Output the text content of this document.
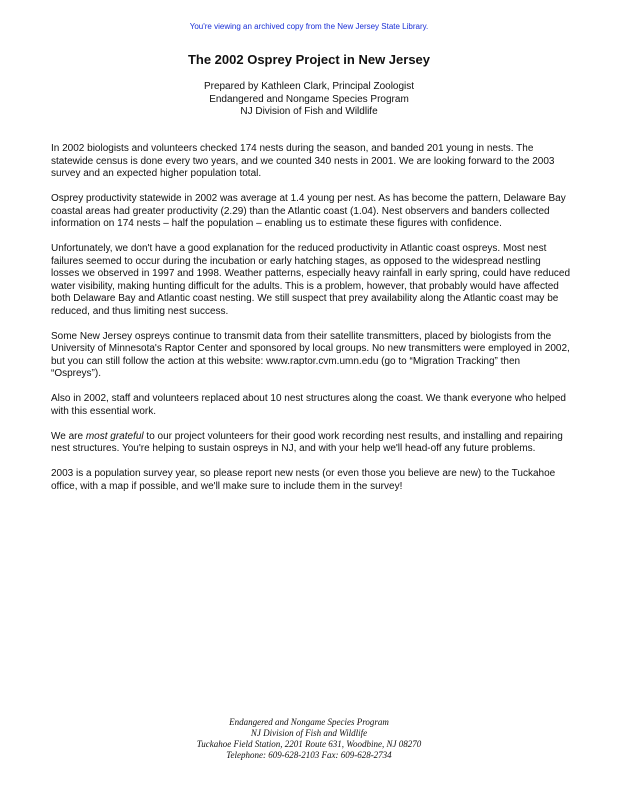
You're viewing an archived copy from the New Jersey State Library.
The 2002 Osprey Project in New Jersey
Prepared by Kathleen Clark, Principal Zoologist
Endangered and Nongame Species Program
NJ Division of Fish and Wildlife

In 2002 biologists and volunteers checked 174 nests during the season, and banded 201 young in nests. The statewide census is done every two years, and we counted 340 nests in 2001. We are looking forward to the 2003 survey and an expected higher population total.

Osprey productivity statewide in 2002 was average at 1.4 young per nest. As has become the pattern, Delaware Bay coastal areas had greater productivity (2.29) than the Atlantic coast (1.04). Nest observers and banders collected information on 174 nests – half the population – enabling us to estimate these figures with confidence.

Unfortunately, we don't have a good explanation for the reduced productivity in Atlantic coast ospreys. Most nest failures seemed to occur during the incubation or early hatching stages, as opposed to the widespread nestling losses we observed in 1997 and 1998. Weather patterns, especially heavy rainfall in early spring, could have reduced water visibility, making hunting difficult for the adults. This is a problem, however, that probably would have affected both Delaware Bay and Atlantic coast nesting. We still suspect that prey availability along the Atlantic coast may be reduced, and thus limiting nest success.

Some New Jersey ospreys continue to transmit data from their satellite transmitters, placed by biologists from the University of Minnesota's Raptor Center and sponsored by local groups. No new transmitters were employed in 2002, but you can still follow the action at this website: www.raptor.cvm.umn.edu (go to “Migration Tracking” then “Ospreys”).

Also in 2002, staff and volunteers replaced about 10 nest structures along the coast. We thank everyone who helped with this essential work.

We are most grateful to our project volunteers for their good work recording nest results, and installing and repairing nest structures. You're helping to sustain ospreys in NJ, and with your help we'll head-off any future problems.

2003 is a population survey year, so please report new nests (or even those you believe are new) to the Tuckahoe office, with a map if possible, and we'll make sure to include them in the survey!

Endangered and Nongame Species Program
NJ Division of Fish and Wildlife
Tuckahoe Field Station, 2201 Route 631, Woodbine, NJ 08270
Telephone: 609-628-2103 Fax: 609-628-2734
